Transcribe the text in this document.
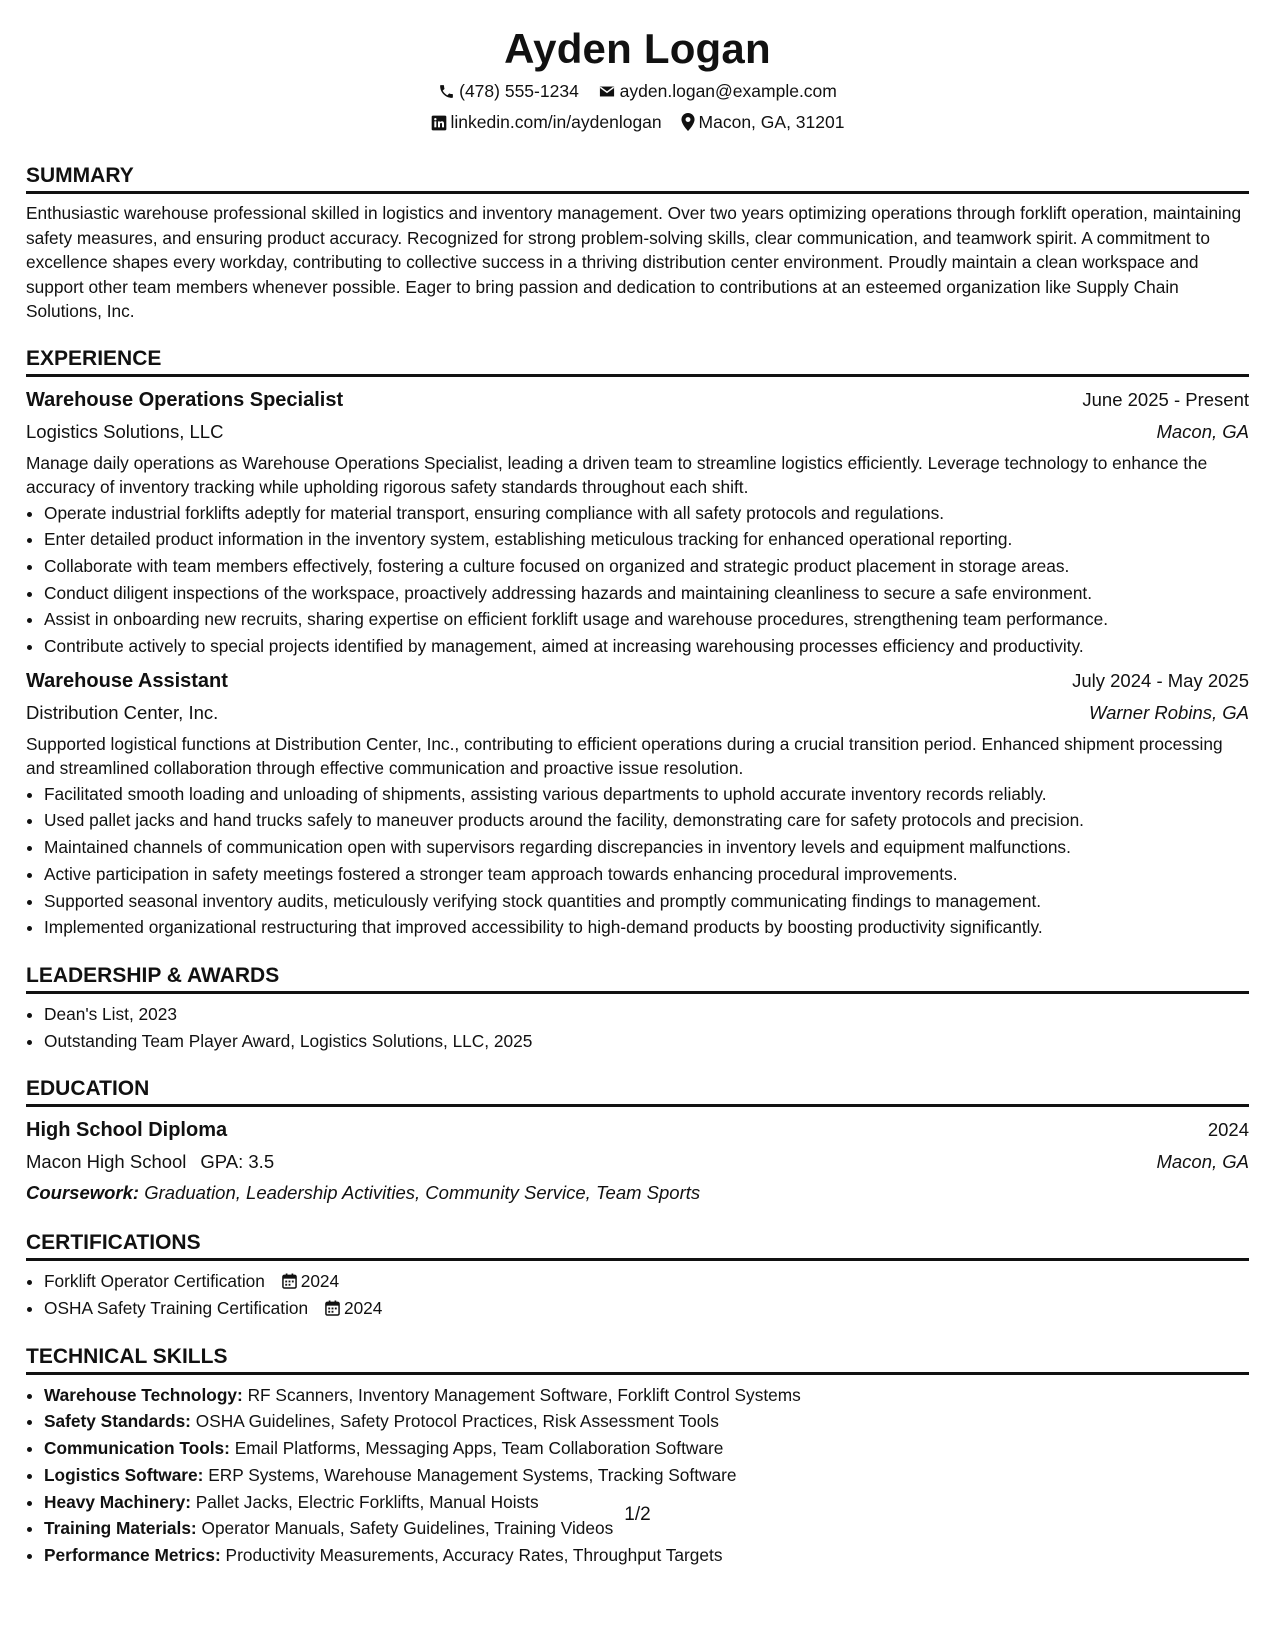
Ayden Logan
(478) 555-1234 ayden.logan@example.com
linkedin.com/in/aydenlogan Macon, GA, 31201
SUMMARY

Enthusiastic warehouse professional skilled in logistics and inventory management. Over two years optimizing operations through forklift operation, maintaining safety measures, and ensuring product accuracy. Recognized for strong problem-solving skills, clear communication, and teamwork spirit. A commitment to excellence shapes every workday, contributing to collective success in a thriving distribution center environment. Proudly maintain a clean workspace and support other team members whenever possible. Eager to bring passion and dedication to contributions at an esteemed organization like Supply Chain Solutions, Inc.

EXPERIENCE
Warehouse Operations Specialist	June 2025 - Present
Logistics Solutions, LLC	Macon, GA

Manage daily operations as Warehouse Operations Specialist, leading a driven team to streamline logistics efficiently. Leverage technology to enhance the accuracy of inventory tracking while upholding rigorous safety standards throughout each shift.

• Operate industrial forklifts adeptly for material transport, ensuring compliance with all safety protocols and regulations.
• Enter detailed product information in the inventory system, establishing meticulous tracking for enhanced operational reporting.
• Collaborate with team members effectively, fostering a culture focused on organized and strategic product placement in storage areas.
• Conduct diligent inspections of the workspace, proactively addressing hazards and maintaining cleanliness to secure a safe environment.
• Assist in onboarding new recruits, sharing expertise on efficient forklift usage and warehouse procedures, strengthening team performance.
• Contribute actively to special projects identified by management, aimed at increasing warehousing processes efficiency and productivity.
Warehouse Assistant	July 2024 - May 2025
Distribution Center, Inc.	Warner Robins, GA

Supported logistical functions at Distribution Center, Inc., contributing to efficient operations during a crucial transition period. Enhanced shipment processing and streamlined collaboration through effective communication and proactive issue resolution.

• Facilitated smooth loading and unloading of shipments, assisting various departments to uphold accurate inventory records reliably.
• Used pallet jacks and hand trucks safely to maneuver products around the facility, demonstrating care for safety protocols and precision.
• Maintained channels of communication open with supervisors regarding discrepancies in inventory levels and equipment malfunctions.
• Active participation in safety meetings fostered a stronger team approach towards enhancing procedural improvements.
• Supported seasonal inventory audits, meticulously verifying stock quantities and promptly communicating findings to management.
• Implemented organizational restructuring that improved accessibility to high-demand products by boosting productivity significantly.
LEADERSHIP & AWARDS
• Dean's List, 2023
• Outstanding Team Player Award, Logistics Solutions, LLC, 2025
EDUCATION
High School Diploma	2024
Macon High School GPA: 3.5	Macon, GA
Coursework: Graduation, Leadership Activities, Community Service, Team Sports
CERTIFICATIONS
• Forklift Operator Certification 2024
• OSHA Safety Training Certification 2024
TECHNICAL SKILLS
• Warehouse Technology: RF Scanners, Inventory Management Software, Forklift Control Systems
• Safety Standards: OSHA Guidelines, Safety Protocol Practices, Risk Assessment Tools
• Communication Tools: Email Platforms, Messaging Apps, Team Collaboration Software
• Logistics Software: ERP Systems, Warehouse Management Systems, Tracking Software
• Heavy Machinery: Pallet Jacks, Electric Forklifts, Manual Hoists
• Training Materials: Operator Manuals, Safety Guidelines, Training Videos
• Performance Metrics: Productivity Measurements, Accuracy Rates, Throughput Targets
1/2
